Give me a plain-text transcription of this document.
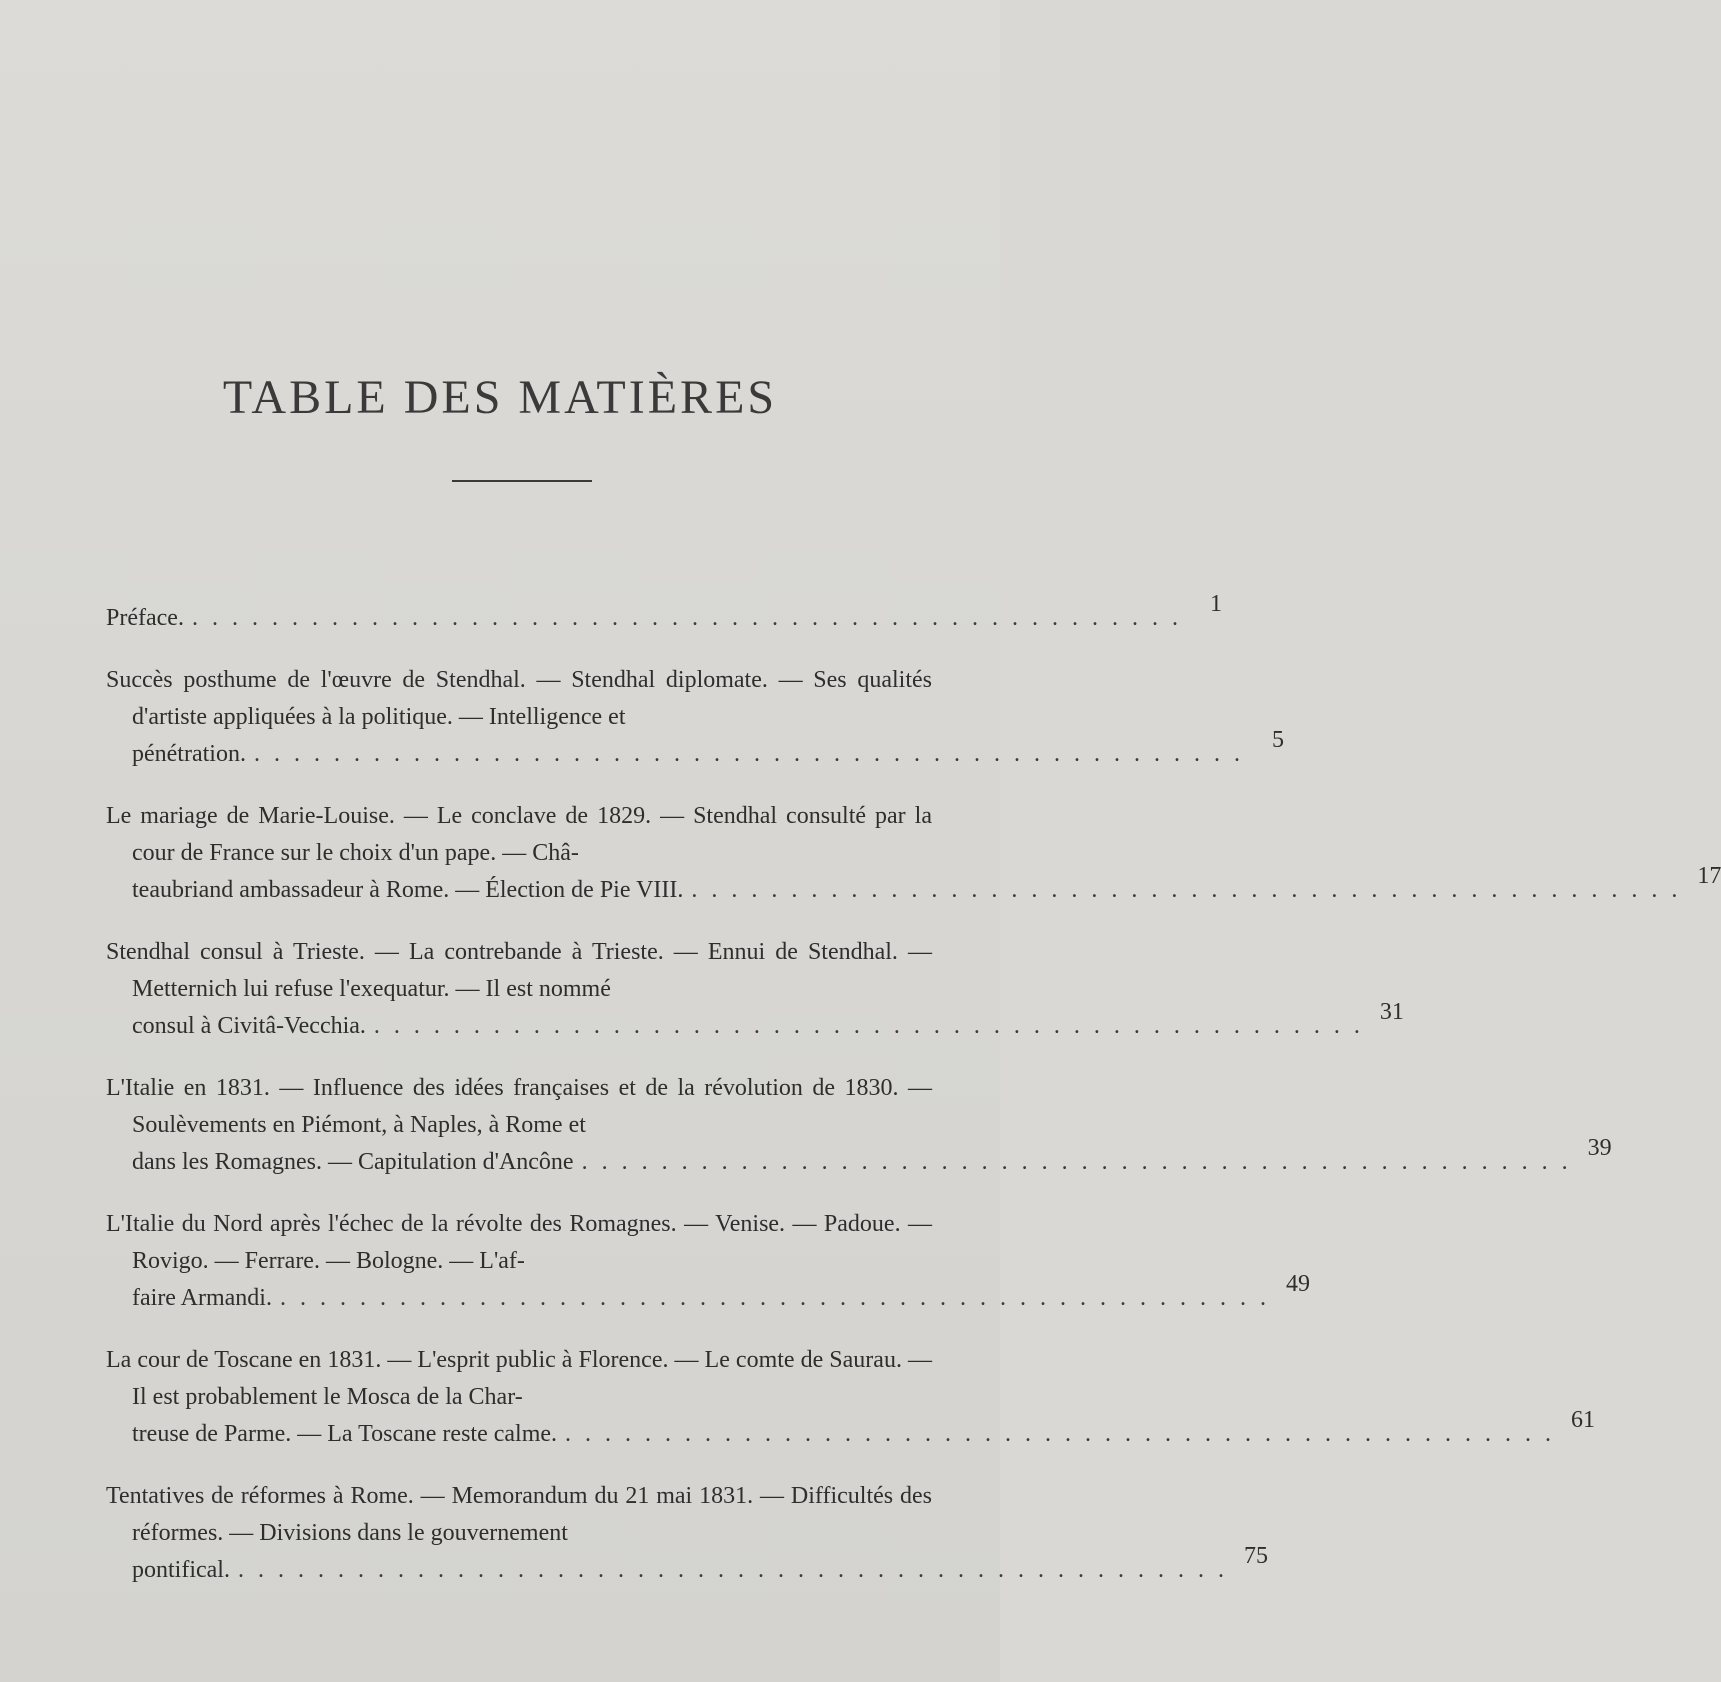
TABLE DES MATIÈRES
Préface. ..................................................
1
Succès posthume de l'œuvre de Stendhal. — Stendhal diplomate. — Ses qualités d'artiste appliquées à la politique. — Intelligence et
pénétration. ..................................................
5
Le mariage de Marie-Louise. — Le conclave de 1829. — Stendhal consulté par la cour de France sur le choix d'un pape. — Châ-
teaubriand ambassadeur à Rome. — Élection de Pie VIII. ..................................................
17
Stendhal consul à Trieste. — La contrebande à Trieste. — Ennui de Stendhal. — Metternich lui refuse l'exequatur. — Il est nommé
consul à Civitâ-Vecchia. ..................................................
31
L'Italie en 1831. — Influence des idées françaises et de la révolution de 1830. — Soulèvements en Piémont, à Naples, à Rome et
dans les Romagnes. — Capitulation d'Ancône ..................................................
39
L'Italie du Nord après l'échec de la révolte des Romagnes. — Venise. — Padoue. — Rovigo. — Ferrare. — Bologne. — L'af-
faire Armandi. ..................................................
49
La cour de Toscane en 1831. — L'esprit public à Florence. — Le comte de Saurau. — Il est probablement le Mosca de la Char-
treuse de Parme. — La Toscane reste calme. ..................................................
61
Tentatives de réformes à Rome. — Memorandum du 21 mai 1831. — Difficultés des réformes. — Divisions dans le gouvernement
pontifical. ..................................................
75
